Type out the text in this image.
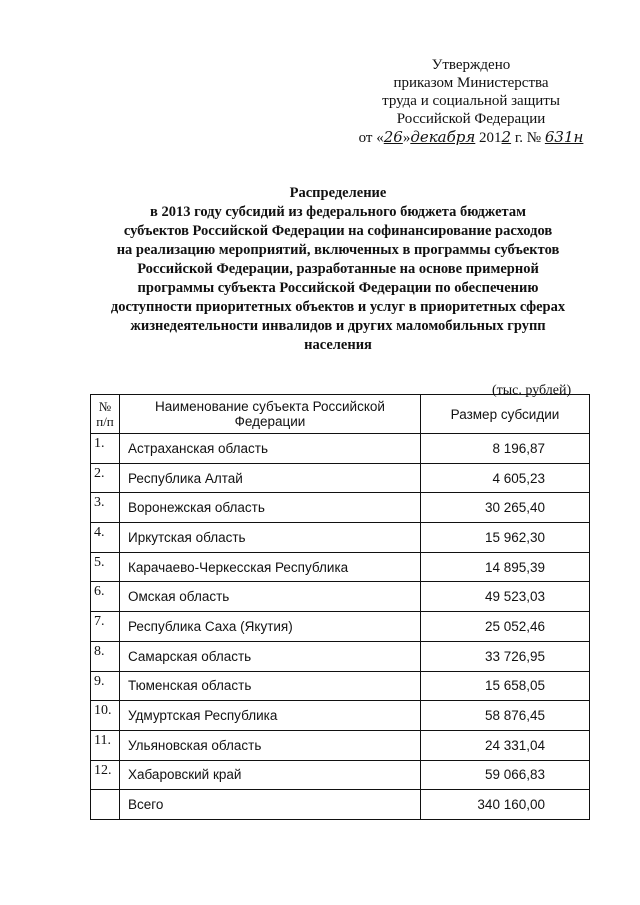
Утверждено
приказом Министерства
труда и социальной защиты
Российской Федерации
от «26»декабря 2012 г. № 631н
Распределение
в 2013 году субсидий из федерального бюджета бюджетам
субъектов Российской Федерации на софинансирование расходов
на реализацию мероприятий, включенных в программы субъектов
Российской Федерации, разработанные на основе примерной
программы субъекта Российской Федерации по обеспечению
доступности приоритетных объектов и услуг в приоритетных сферах
жизнедеятельности инвалидов и других маломобильных групп
населения
(тыс. рублей)
№
п/п	Наименование субъекта Российской Федерации	Размер субсидии
1.	Астраханская область	8 196,87
2.	Республика Алтай	4 605,23
3.	Воронежская область	30 265,40
4.	Иркутская область	15 962,30
5.	Карачаево-Черкесская Республика	14 895,39
6.	Омская область	49 523,03
7.	Республика Саха (Якутия)	25 052,46
8.	Самарская область	33 726,95
9.	Тюменская область	15 658,05
10.	Удмуртская Республика	58 876,45
11.	Ульяновская область	24 331,04
12.	Хабаровский край	59 066,83
	Всего	340 160,00
